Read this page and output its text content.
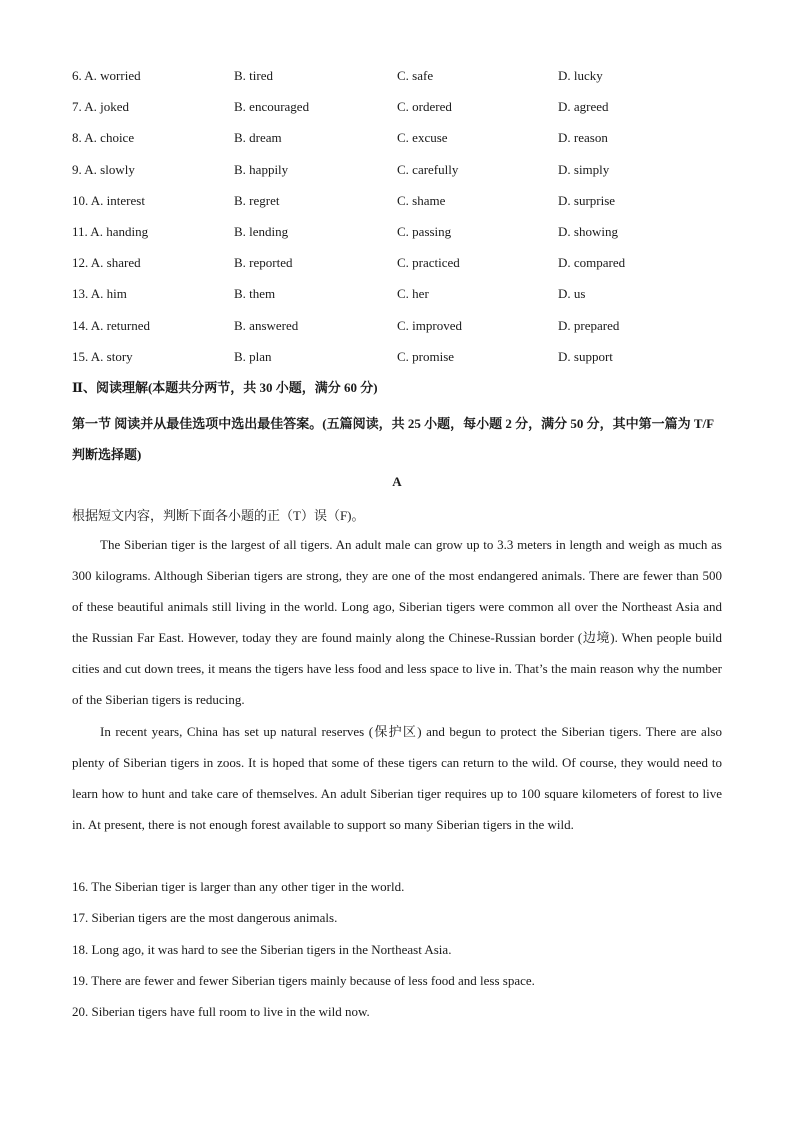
6. A. worried	B. tired	C. safe	D. lucky
7. A. joked	B. encouraged	C. ordered	D. agreed
8. A. choice	B. dream	C. excuse	D. reason
9. A. slowly	B. happily	C. carefully	D. simply
10. A. interest	B. regret	C. shame	D. surprise
11. A. handing	B. lending	C. passing	D. showing
12. A. shared	B. reported	C. practiced	D. compared
13. A. him	B. them	C. her	D. us
14. A. returned	B. answered	C. improved	D. prepared
15. A. story	B. plan	C. promise	D. support
Ⅱ、阅读理解(本题共分两节，共 30 小题，满分 60 分)
第一节 阅读并从最佳选项中选出最佳答案。(五篇阅读，共 25 小题，每小题 2 分，满分 50 分，其中第一篇为 T/F 判断选择题)
A
根据短文内容，判断下面各小题的正（T）误（F)。

The Siberian tiger is the largest of all tigers. An adult male can grow up to 3.3 meters in length and weigh as much as 300 kilograms. Although Siberian tigers are strong, they are one of the most endangered animals. There are fewer than 500 of these beautiful animals still living in the world. Long ago, Siberian tigers were common all over the Northeast Asia and the Russian Far East. However, today they are found mainly along the Chinese-Russian border (边境). When people build cities and cut down trees, it means the tigers have less food and less space to live in. That’s the main reason why the number of the Siberian tigers is reducing.

In recent years, China has set up natural reserves (保护区) and begun to protect the Siberian tigers. There are also plenty of Siberian tigers in zoos. It is hoped that some of these tigers can return to the wild. Of course, they would need to learn how to hunt and take care of themselves. An adult Siberian tiger requires up to 100 square kilometers of forest to live in. At present, there is not enough forest available to support so many Siberian tigers in the wild.

16. The Siberian tiger is larger than any other tiger in the world.
17. Siberian tigers are the most dangerous animals.
18. Long ago, it was hard to see the Siberian tigers in the Northeast Asia.
19. There are fewer and fewer Siberian tigers mainly because of less food and less space.
20. Siberian tigers have full room to live in the wild now.
